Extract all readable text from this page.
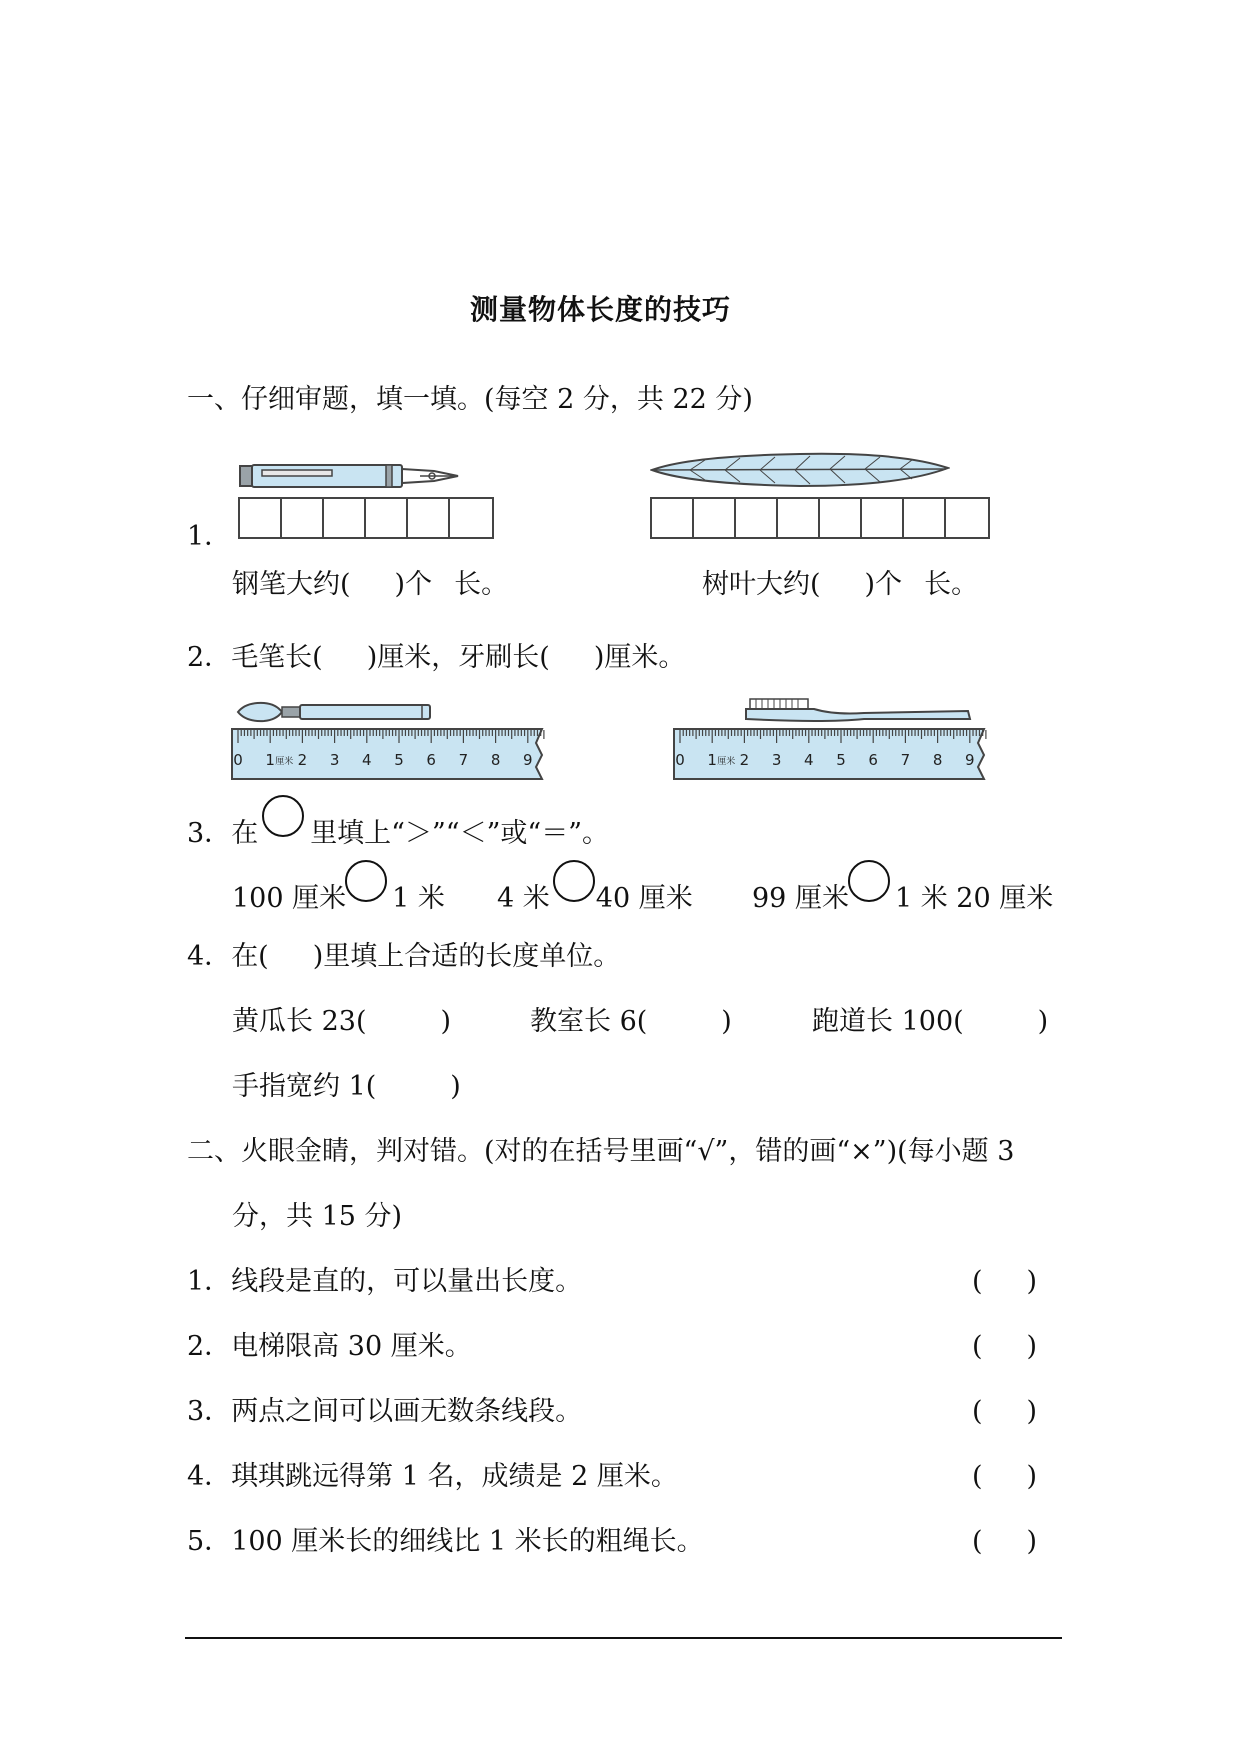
测量物体长度的技巧
一、仔细审题，填一填。(每空 2 分，共 22 分)
1．
钢笔大约( )个 长。	树叶大约( )个 长。
2．毛笔长( )厘米，牙刷长( )厘米。
0 1 厘米 2 3 4 5 6 7 8 9	0 1 厘米 2 3 4 5 6 7 8 9
3．在 里填上“＞”“＜”或“＝”。
100 厘米 1 米 4 米 40 厘米 99 厘米 1 米 20 厘米
4．在( )里填上合适的长度单位。
黄瓜长 23(	)	教室长 6(	)	跑道长 100(	)
手指宽约 1(	)
二、火眼金睛，判对错。(对的在括号里画“√”，错的画“×”)(每小题 3
分，共 15 分)
1．线段是直的，可以量出长度。	( )
2．电梯限高 30 厘米。	( )
3．两点之间可以画无数条线段。	( )
4．琪琪跳远得第 1 名，成绩是 2 厘米。	( )
5．100 厘米长的细线比 1 米长的粗绳长。	( )
